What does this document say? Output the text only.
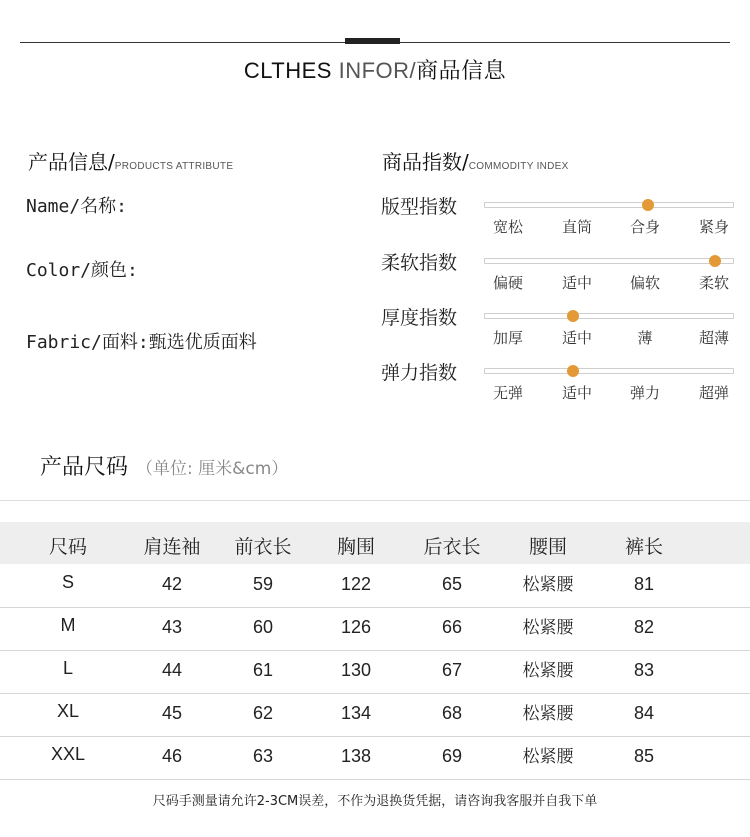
CLTHES INFOR/商品信息
产品信息/PRODUCTS ATTRIBUTE
Name/名称:
Color/颜色:
Fabric/面料:甄选优质面料
商品指数/COMMODITY INDEX
版型指数
宽松	直筒	合身	紧身
柔软指数
偏硬	适中	偏软	柔软
厚度指数
加厚	适中	薄	超薄
弹力指数
无弹	适中	弹力	超弹
产品尺码 （单位: 厘米&cm）
尺码	肩连袖	前衣长	胸围	后衣长	腰围	裤长
S	42	59	122	65	松紧腰	81
M	43	60	126	66	松紧腰	82
L	44	61	130	67	松紧腰	83
XL	45	62	134	68	松紧腰	84
XXL	46	63	138	69	松紧腰	85
尺码手测量请允许2-3CM误差，不作为退换货凭据，请咨询我客服并自我下单
